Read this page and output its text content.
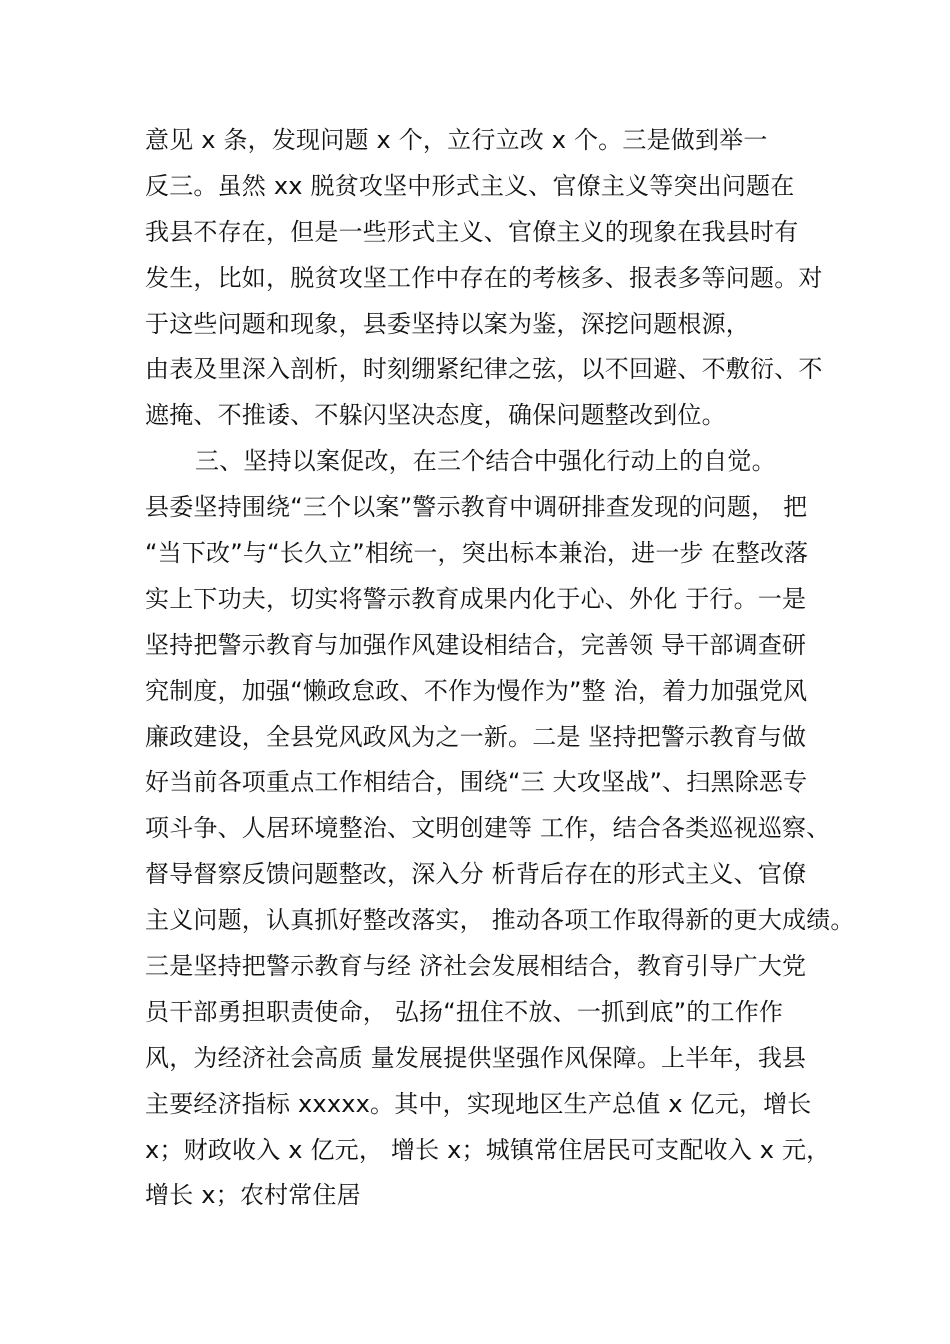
意见 x 条，发现问题 x 个，立行立改 x 个。三是做到举一
反三。虽然 xx 脱贫攻坚中形式主义、官僚主义等突出问题在
我县不存在，但是一些形式主义、官僚主义的现象在我县时有
发生，比如，脱贫攻坚工作中存在的考核多、报表多等问题。对
于这些问题和现象，县委坚持以案为鉴，深挖问题根源，
由表及里深入剖析，时刻绷紧纪律之弦，以不回避、不敷衍、不
遮掩、不推诿、不躲闪坚决态度，确保问题整改到位。
三、坚持以案促改，在三个结合中强化行动上的自觉。
县委坚持围绕“三个以案”警示教育中调研排查发现的问题， 把
“当下改”与“长久立”相统一，突出标本兼治，进一步 在整改落
实上下功夫，切实将警示教育成果内化于心、外化 于行。一是
坚持把警示教育与加强作风建设相结合，完善领 导干部调查研
究制度，加强“懒政怠政、不作为慢作为”整 治，着力加强党风
廉政建设，全县党风政风为之一新。二是 坚持把警示教育与做
好当前各项重点工作相结合，围绕“三 大攻坚战”、扫黑除恶专
项斗争、人居环境整治、文明创建等 工作，结合各类巡视巡察、
督导督察反馈问题整改，深入分 析背后存在的形式主义、官僚
主义问题，认真抓好整改落实， 推动各项工作取得新的更大成绩。
三是坚持把警示教育与经 济社会发展相结合，教育引导广大党
员干部勇担职责使命， 弘扬“扭住不放、一抓到底”的工作作
风，为经济社会高质 量发展提供坚强作风保障。上半年，我县
主要经济指标 xxxxx。其中，实现地区生产总值 x 亿元，增长
x；财政收入 x 亿元， 增长 x；城镇常住居民可支配收入 x 元，
增长 x；农村常住居
